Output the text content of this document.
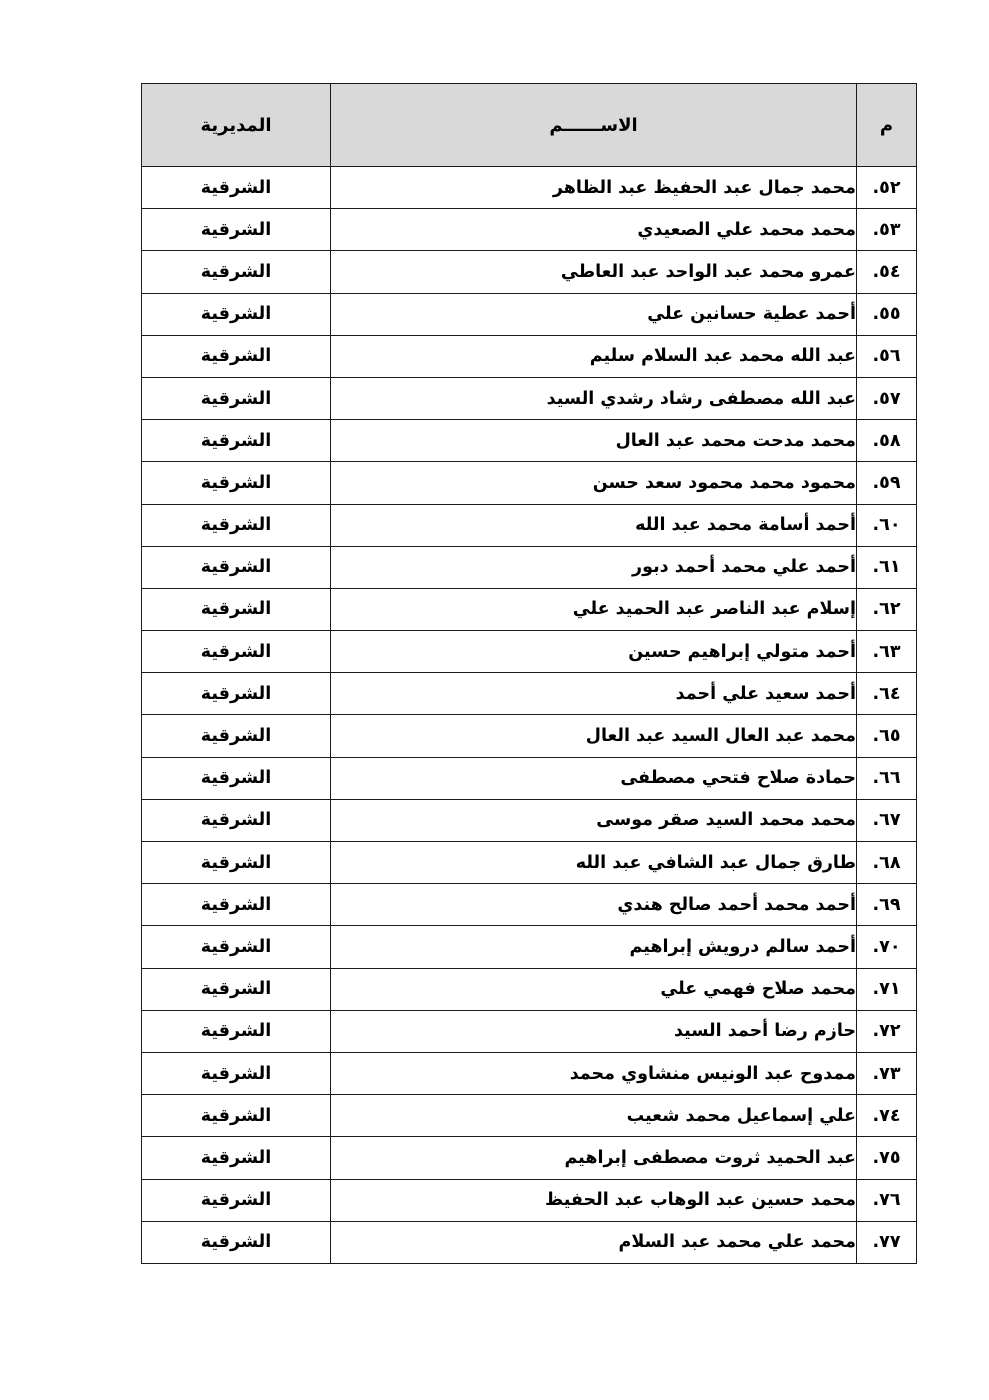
م	الاســــــم	المديرية
٥٢.	محمد جمال عبد الحفيظ عبد الظاهر	الشرقية
٥٣.	محمد محمد علي الصعيدي	الشرقية
٥٤.	عمرو محمد عبد الواحد عبد العاطي	الشرقية
٥٥.	أحمد عطية حسانين علي	الشرقية
٥٦.	عبد الله محمد عبد السلام سليم	الشرقية
٥٧.	عبد الله مصطفى رشاد رشدي السيد	الشرقية
٥٨.	محمد مدحت محمد عبد العال	الشرقية
٥٩.	محمود محمد محمود سعد حسن	الشرقية
٦٠.	أحمد أسامة محمد عبد الله	الشرقية
٦١.	أحمد علي محمد أحمد دبور	الشرقية
٦٢.	إسلام عبد الناصر عبد الحميد علي	الشرقية
٦٣.	أحمد متولي إبراهيم حسين	الشرقية
٦٤.	أحمد سعيد علي أحمد	الشرقية
٦٥.	محمد عبد العال السيد عبد العال	الشرقية
٦٦.	حمادة صلاح فتحي مصطفى	الشرقية
٦٧.	محمد محمد السيد صقر موسى	الشرقية
٦٨.	طارق جمال عبد الشافي عبد الله	الشرقية
٦٩.	أحمد محمد أحمد صالح هندي	الشرقية
٧٠.	أحمد سالم درويش إبراهيم	الشرقية
٧١.	محمد صلاح فهمي علي	الشرقية
٧٢.	حازم رضا أحمد السيد	الشرقية
٧٣.	ممدوح عبد الونيس منشاوي محمد	الشرقية
٧٤.	علي إسماعيل محمد شعيب	الشرقية
٧٥.	عبد الحميد ثروت مصطفى إبراهيم	الشرقية
٧٦.	محمد حسين عبد الوهاب عبد الحفيظ	الشرقية
٧٧.	محمد علي محمد عبد السلام	الشرقية
